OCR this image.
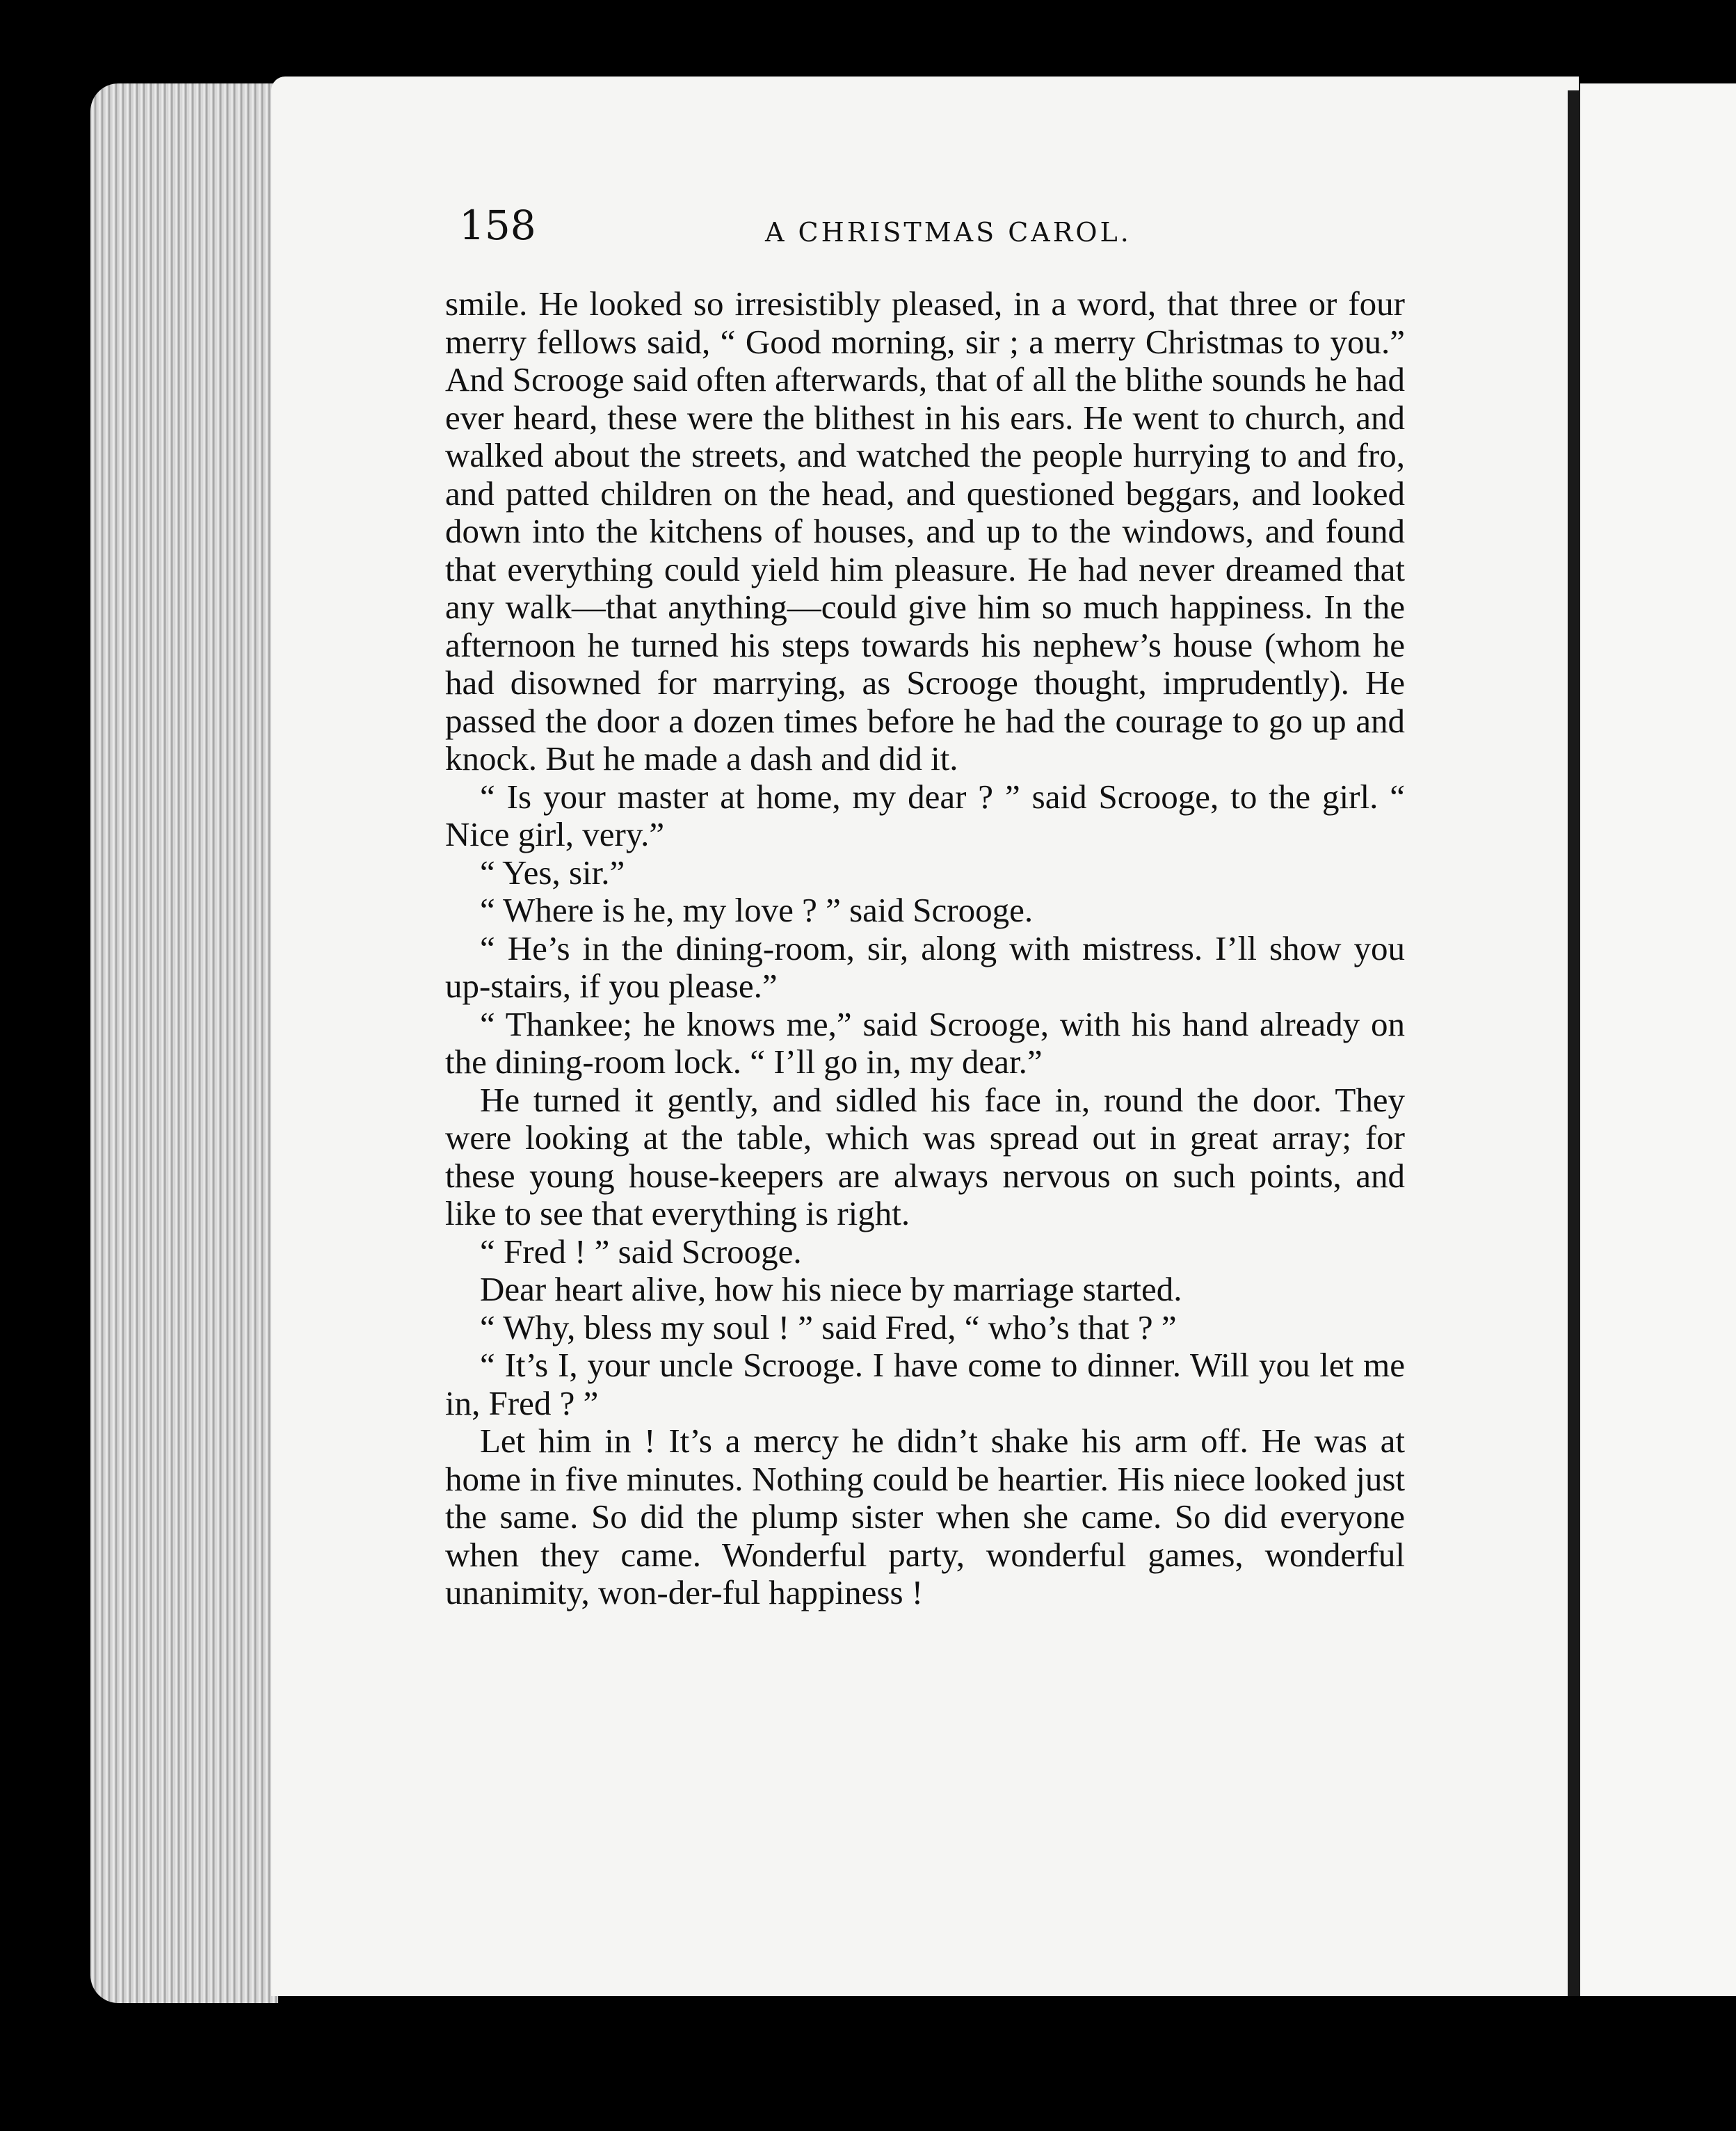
158	A CHRISTMAS CAROL.

smile. He looked so irresistibly pleased, in a word, that three or four merry fellows said, “ Good morning, sir ; a merry Christmas to you.” And Scrooge said often afterwards, that of all the blithe sounds he had ever heard, these were the blithest in his ears. He went to church, and walked about the streets, and watched the people hurrying to and fro, and patted children on the head, and questioned beggars, and looked down into the kitchens of houses, and up to the windows, and found that everything could yield him pleasure. He had never dreamed that any walk—that anything—could give him so much happiness. In the afternoon he turned his steps towards his nephew’s house (whom he had disowned for marrying, as Scrooge thought, imprudently). He passed the door a dozen times before he had the courage to go up and knock. But he made a dash and did it.

“ Is your master at home, my dear ? ” said Scrooge, to the girl. “ Nice girl, very.”

“ Yes, sir.”

“ Where is he, my love ? ” said Scrooge.

“ He’s in the dining-room, sir, along with mistress. I’ll show you up-stairs, if you please.”

“ Thankee; he knows me,” said Scrooge, with his hand already on the dining-room lock. “ I’ll go in, my dear.”

He turned it gently, and sidled his face in, round the door. They were looking at the table, which was spread out in great array; for these young house-keepers are always nervous on such points, and like to see that everything is right.

“ Fred ! ” said Scrooge.

Dear heart alive, how his niece by marriage started.

“ Why, bless my soul ! ” said Fred, “ who’s that ? ”

“ It’s I, your uncle Scrooge. I have come to dinner. Will you let me in, Fred ? ”

Let him in ! It’s a mercy he didn’t shake his arm off. He was at home in five minutes. Nothing could be heartier. His niece looked just the same. So did the plump sister when she came. So did everyone when they came. Wonderful party, wonderful games, wonderful unanimity, won-der-ful happiness !
